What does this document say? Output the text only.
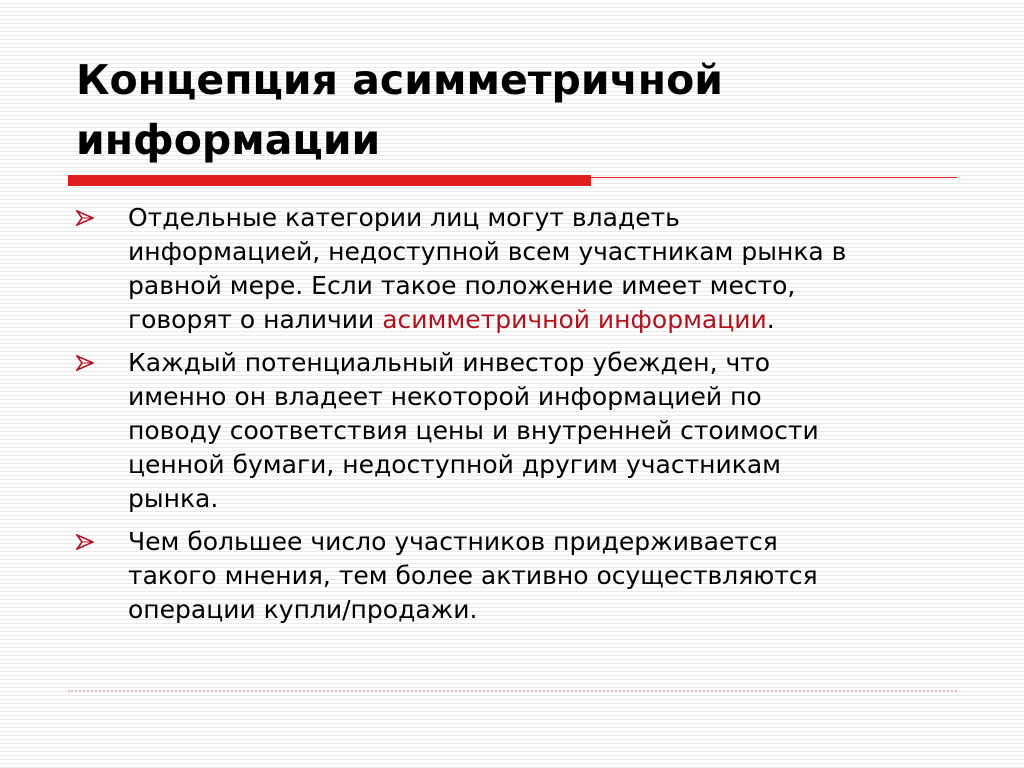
Концепция асимметричной
информации
Отдельные категории лиц могут владеть
информацией, недоступной всем участникам рынка в
равной мере. Если такое положение имеет место,
говорят о наличии асимметричной информации.
Каждый потенциальный инвестор убежден, что
именно он владеет некоторой информацией по
поводу соответствия цены и внутренней стоимости
ценной бумаги, недоступной другим участникам
рынка.
Чем большее число участников придерживается
такого мнения, тем более активно осуществляются
операции купли/продажи.
